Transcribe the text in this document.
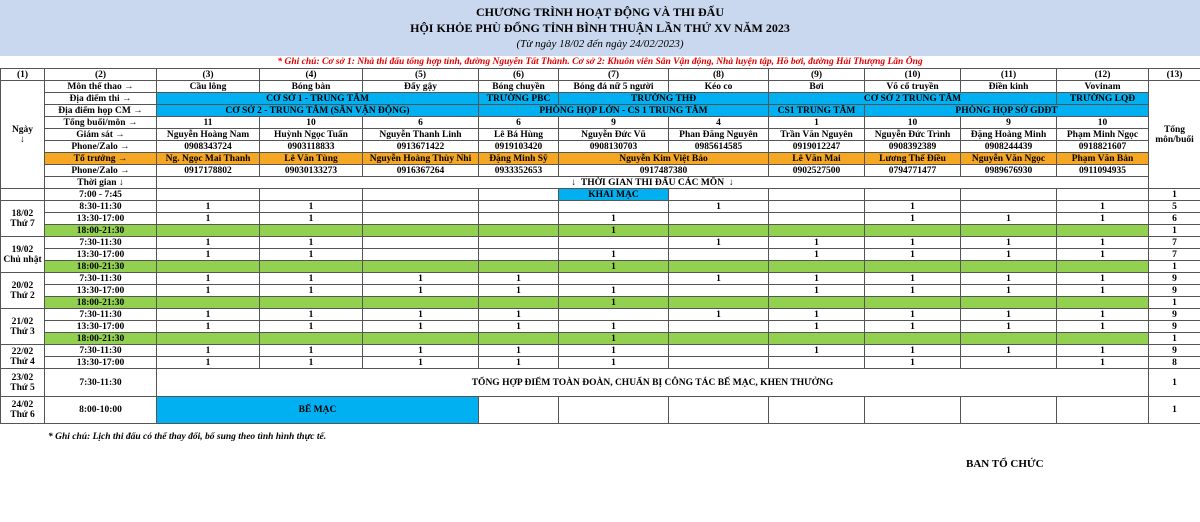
CHƯƠNG TRÌNH HOẠT ĐỘNG VÀ THI ĐẤU
HỘI KHỎE PHÙ ĐỔNG TỈNH BÌNH THUẬN LẦN THỨ XV NĂM 2023
(Từ ngày 18/02 đến ngày 24/02/2023)
* Ghi chú: Cơ sở 1: Nhà thi đấu tổng hợp tỉnh, đường Nguyễn Tất Thành. Cơ sở 2: Khuôn viên Sân Vận động, Nhà luyện tập, Hồ bơi, đường Hải Thượng Lãn Ông
(1)	(2)	(3)	(4)	(5)	(6)	(7)	(8)	(9)	(10)	(11)	(12)	(13)	
Ngày
↓	Môn thể thao →	Cầu lông	Bóng bàn	Đẩy gậy	Bóng chuyền	Bóng đá nữ 5 người	Kéo co	Bơi	Võ cổ truyền	Điền kinh	Vovinam	Tổng môn/buổi	
	Địa điểm thi →	CƠ SỞ 1 - TRUNG TÂM			TRƯỜNG PBC	TRƯỜNG THĐ		CƠ SỞ 2 TRUNG TÂM			TRƯỜNG LQĐ		
	Địa điểm họp CM →	CƠ SỞ 2 - TRUNG TÂM (SÂN VẬN ĐỘNG)			PHÒNG HỌP LỚN - CS 1 TRUNG TÂM			CS1 TRUNG TÂM	PHÒNG HỌP SỞ GDĐT				
	Tổng buổi/môn →	11	10	6	6	9	4	1	10	9	10		
	Giám sát →	Nguyễn Hoàng Nam	Huỳnh Ngọc Tuấn	Nguyễn Thanh Linh	Lê Bá Hùng	Nguyễn Đức Vũ	Phan Đăng Nguyên	Trần Văn Nguyên	Nguyễn Đức Trình	Đặng Hoàng Minh	Phạm Minh Ngọc		
	Phone/Zalo →	0908343724	0903118833	0913671422	0919103420	0908130703	0985614585	0919012247	0908392389	0908244439	0918821607		
	Tổ trưởng →	Ng. Ngọc Mai Thanh	Lê Văn Tùng	Nguyễn Hoàng Thùy Nhi	Đặng Minh Sỹ	Nguyễn Kim Việt Bảo		Lê Văn Mai	Lương Thế Điều	Nguyễn Văn Ngọc	Phạm Văn Bản		
	Phone/Zalo →	0917178802	09030133273	0916367264	0933352653	0917487380		0902527500	0794771477	0989676930	0911094935		
	Thời gian ↓	↓ THỜI GIAN THI ĐẤU CÁC MÔN ↓											
	7:00 - 7:45					KHAI MẠC						1	
18/02
Thứ 7	8:30-11:30	1	1				1		1		1	5	
	13:30-17:00	1	1			1			1	1	1	6	
	18:00-21:30					1						1	
19/02
Chủ nhật	7:30-11:30	1	1				1	1	1	1	1	7	
	13:30-17:00	1	1			1		1	1	1	1	7	
	18:00-21:30					1						1	
20/02
Thứ 2	7:30-11:30	1	1	1	1		1	1	1	1	1	9	
	13:30-17:00	1	1	1	1	1		1	1	1	1	9	
	18:00-21:30					1						1	
21/02
Thứ 3	7:30-11:30	1	1	1	1		1	1	1	1	1	9	
	13:30-17:00	1	1	1	1	1		1	1	1	1	9	
	18:00-21:30					1						1	
22/02
Thứ 4	7:30-11:30	1	1	1	1	1		1	1	1	1	9	
	13:30-17:00	1	1	1	1	1			1		1	8	
23/02
Thứ 5	7:30-11:30	TỔNG HỢP ĐIỂM TOÀN ĐOÀN, CHUẨN BỊ CÔNG TÁC BẾ MẠC, KHEN THƯỞNG										1	
24/02
Thứ 6	8:00-10:00	BẾ MẠC										1	
* Ghi chú: Lịch thi đấu có thể thay đổi, bổ sung theo tình hình thực tế.
BAN TỔ CHỨC
